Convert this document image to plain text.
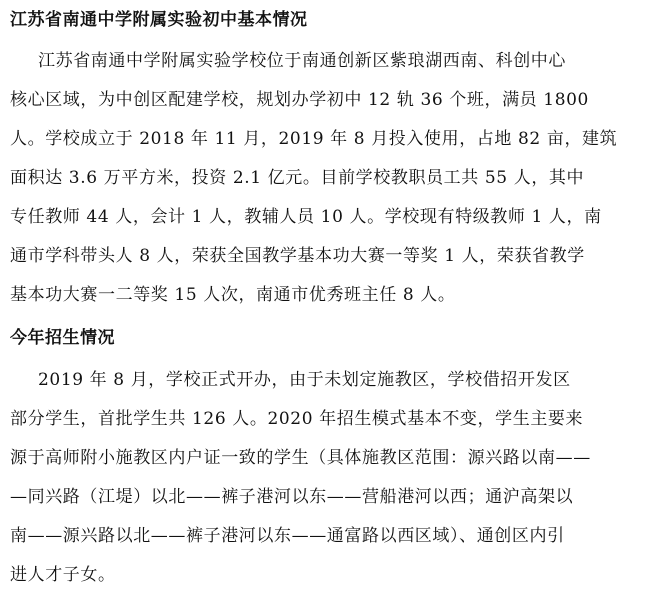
江苏省南通中学附属实验初中基本情况
江苏省南通中学附属实验学校位于南通创新区紫琅湖西南、科创中心
核心区域，为中创区配建学校，规划办学初中 12 轨 36 个班，满员 1800
人。学校成立于 2018 年 11 月，2019 年 8 月投入使用，占地 82 亩，建筑
面积达 3.6 万平方米，投资 2.1 亿元。目前学校教职员工共 55 人，其中
专任教师 44 人，会计 1 人，教辅人员 10 人。学校现有特级教师 1 人，南
通市学科带头人 8 人，荣获全国教学基本功大赛一等奖 1 人，荣获省教学
基本功大赛一二等奖 15 人次，南通市优秀班主任 8 人。
今年招生情况
2019 年 8 月，学校正式开办，由于未划定施教区，学校借招开发区
部分学生，首批学生共 126 人。2020 年招生模式基本不变，学生主要来
源于高师附小施教区内户证一致的学生（具体施教区范围：源兴路以南——
—同兴路（江堤）以北——裤子港河以东——营船港河以西；通沪高架以
南——源兴路以北——裤子港河以东——通富路以西区域）、通创区内引
进人才子女。
